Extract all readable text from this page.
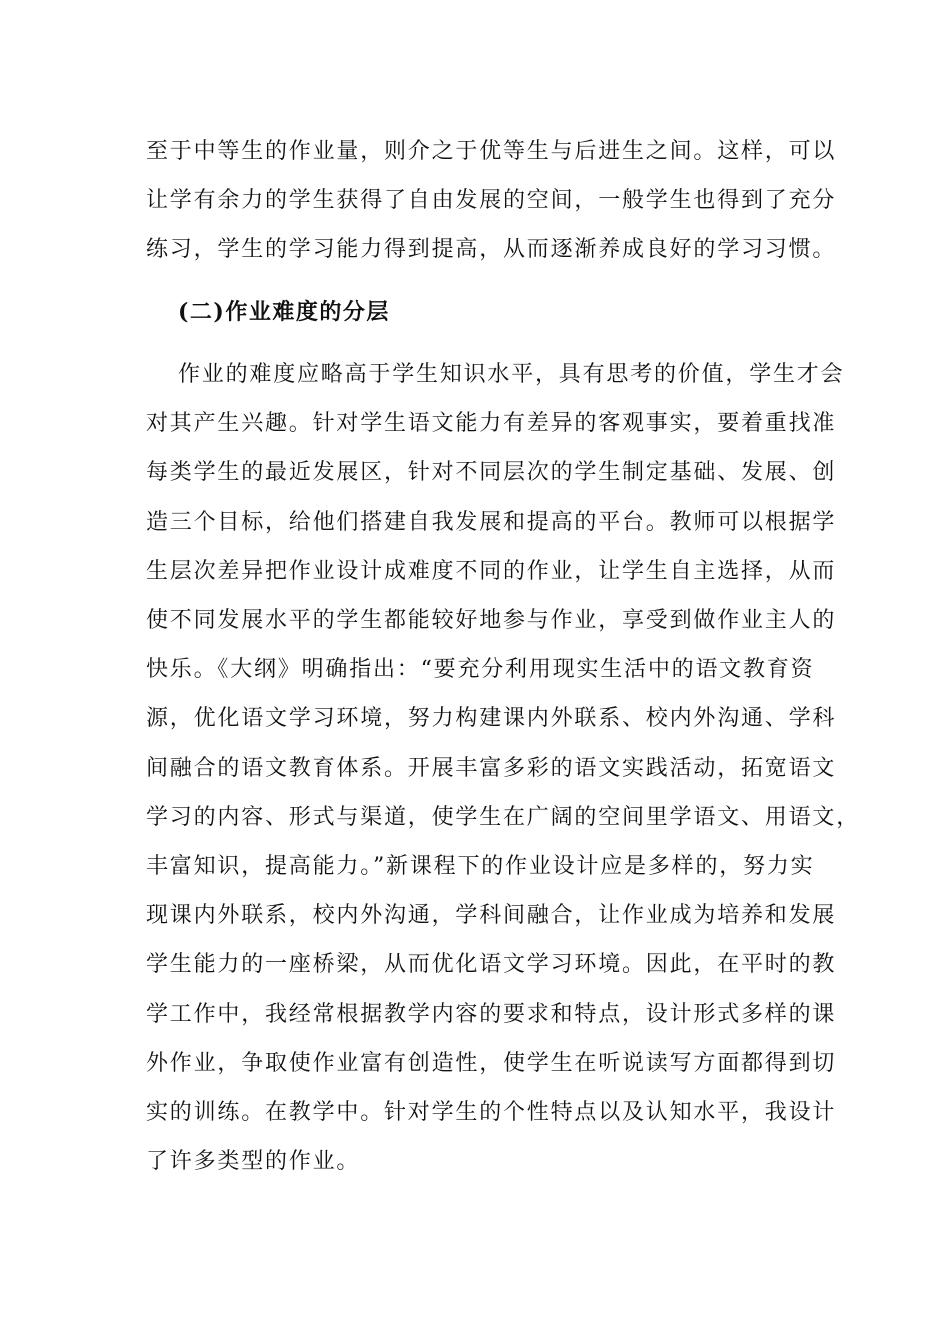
至于中等生的作业量，则介之于优等生与后进生之间。这样，可以
让学有余力的学生获得了自由发展的空间，一般学生也得到了充分
练习，学生的学习能力得到提高，从而逐渐养成良好的学习习惯。
(二)作业难度的分层
作业的难度应略高于学生知识水平，具有思考的价值，学生才会
对其产生兴趣。针对学生语文能力有差异的客观事实，要着重找准
每类学生的最近发展区，针对不同层次的学生制定基础、发展、创
造三个目标，给他们搭建自我发展和提高的平台。教师可以根据学
生层次差异把作业设计成难度不同的作业，让学生自主选择，从而
使不同发展水平的学生都能较好地参与作业，享受到做作业主人的
快乐。《大纲》明确指出：“要充分利用现实生活中的语文教育资
源，优化语文学习环境，努力构建课内外联系、校内外沟通、学科
间融合的语文教育体系。开展丰富多彩的语文实践活动，拓宽语文
学习的内容、形式与渠道，使学生在广阔的空间里学语文、用语文，
丰富知识，提高能力。”新课程下的作业设计应是多样的，努力实
现课内外联系，校内外沟通，学科间融合，让作业成为培养和发展
学生能力的一座桥梁，从而优化语文学习环境。因此，在平时的教
学工作中，我经常根据教学内容的要求和特点，设计形式多样的课
外作业，争取使作业富有创造性，使学生在听说读写方面都得到切
实的训练。在教学中。针对学生的个性特点以及认知水平，我设计
了许多类型的作业。
